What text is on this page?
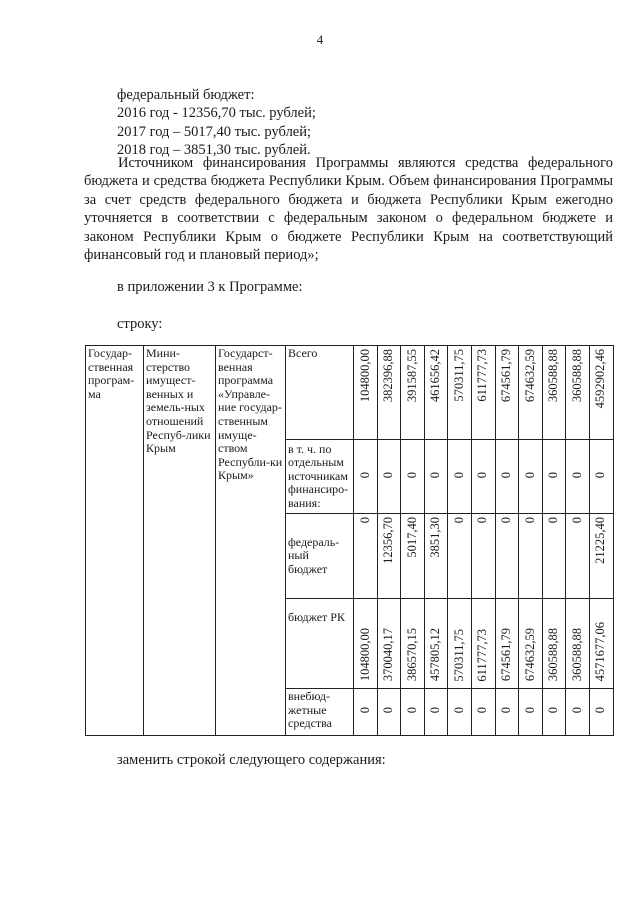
4
федеральный бюджет:
2016 год - 12356,70 тыс. рублей;
2017 год – 5017,40 тыс. рублей;
2018 год – 3851,30 тыс. рублей.
Источником финансирования Программы являются средства федерального бюджета и средства бюджета Республики Крым. Объем финансирования Программы за счет средств федерального бюджета и бюджета Республики Крым ежегодно уточняется в соответствии с федеральным законом о федеральном бюджете и законом Республики Крым о бюджете Республики Крым на соответствующий финансовый год и плановый период»;
в приложении 3 к Программе:
строку:
Государ-ственная програм-ма	Мини-стерство имущест-венных и земель-ных отношений Респуб-лики Крым	Государст-венная программа «Управле-ние государ-ственным имуще-ством Республи-ки Крым»	Всего	104800,00	382396,88	391587,55	461656,42	570311,75	611777,73	674561,79	674632,59	360588,88	360588,88	4592902,46
			в т. ч. по отдельным источникам финансиро-вания:	0	0	0	0	0	0	0	0	0	0	0
			федераль-ный бюджет	0	12356,70	5017,40	3851,30	0	0	0	0	0	0	21225,40
			бюджет РК	104800,00	370040,17	386570,15	457805,12	570311,75	611777,73	674561,79	674632,59	360588,88	360588,88	4571677,06
			внебюд-жетные средства	0	0	0	0	0	0	0	0	0	0	0
заменить строкой следующего содержания:
